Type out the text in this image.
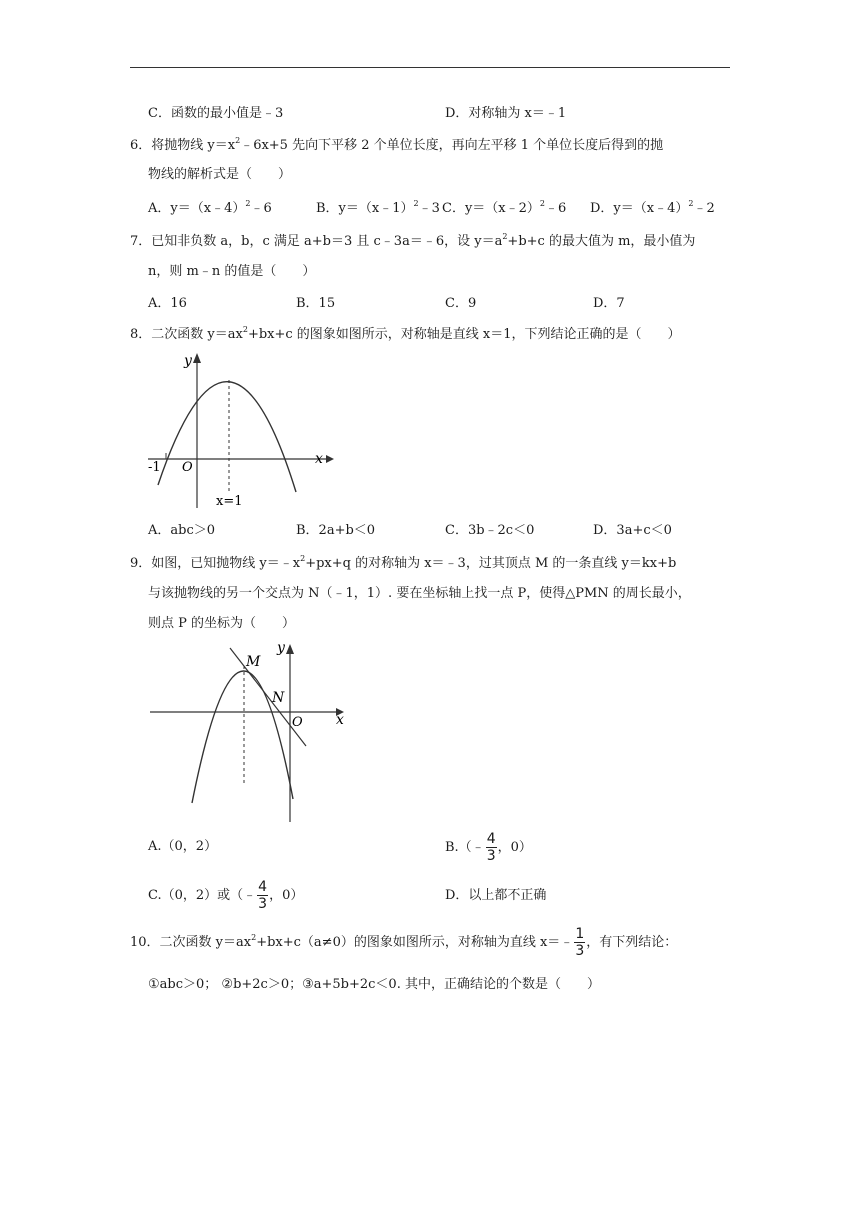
C．函数的最小值是﹣3	D．对称轴为 x＝﹣1
6．将抛物线 $y=x^2﹣6x+5$ 先向下平移 2 个单位长度，再向左平移 1 个单位长度后得到的抛
物线的解析式是（　　）
A．y＝（x﹣4）$^2$﹣6	B．y＝（x﹣1）$^2$﹣3 C．y＝（x﹣2）$^2$﹣6 D．y＝（x﹣4）$^2$﹣2
7．已知非负数 a，b，c 满足 a+b＝3 且 c﹣3a＝﹣6，设 $y=a^2+b+c$ 的最大值为 m，最小值为
n，则 m﹣n 的值是（　　）
A．16	B．15	C．9	D．7
8．二次函数 $y=ax^2+bx+c$ 的图象如图所示，对称轴是直线 x＝1，下列结论正确的是（　　）
y
x
O
-1
x=1
A．abc＞0	B．2a+b＜0	C．3b﹣2c＜0	D．3a+c＜0
9．如图，已知抛物线 $y=﹣x^2+px+q$ 的对称轴为 x＝﹣3，过其顶点 M 的一条直线 y＝kx+b
与该抛物线的另一个交点为 N（﹣1，1）. 要在坐标轴上找一点 P，使得△PMN 的周长最小，
则点 P 的坐标为（　　）
M
N
y
x
O
A.（0，2）	B.（﹣ $\frac{4}{3}$ ，0）
C.（0，2）或（﹣ $\frac{4}{3}$ ，0）	D．以上都不正确
10．二次函数 $y=ax^2+bx+c(a\ne 0)$的图象如图所示，对称轴为直线 x＝﹣ $\frac{1}{3}$ ，有下列结论：
①abc＞0； ②b+2c＞0；③a+5b+2c＜0. 其中，正确结论的个数是（　　）
